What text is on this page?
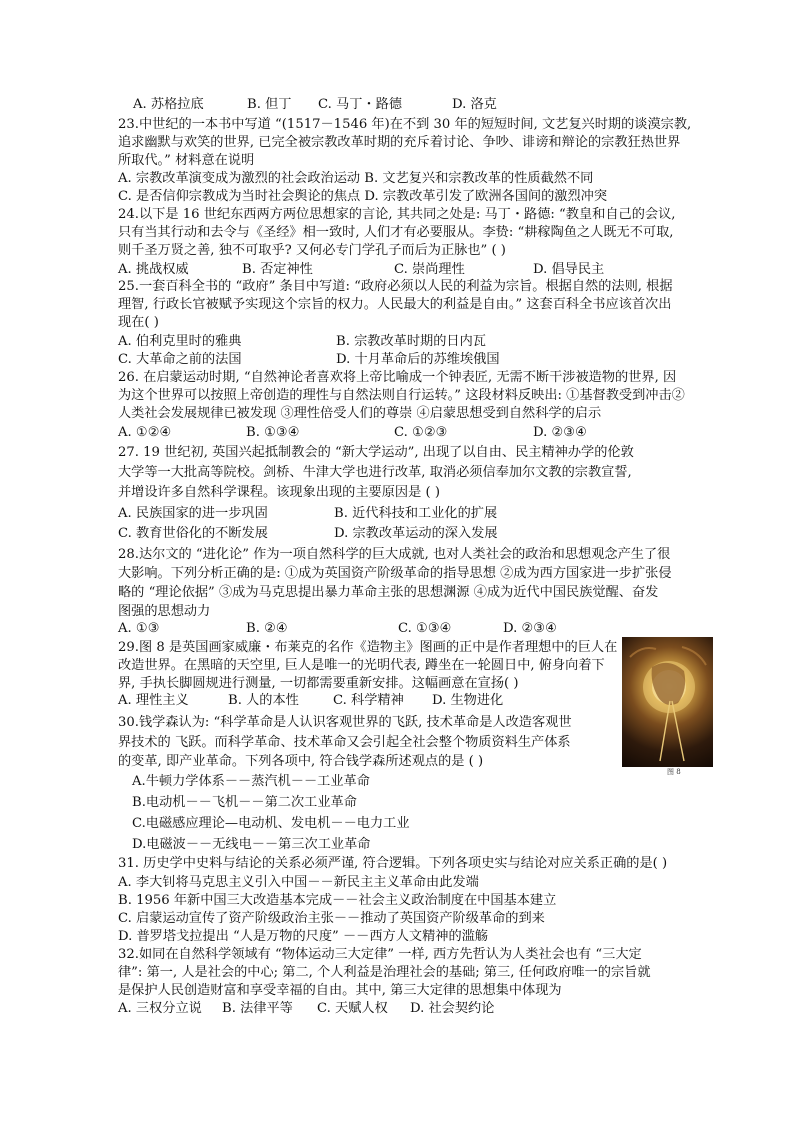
A. 苏格拉底	B. 但丁 C. 马丁・路德	D. 洛克
23.中世纪的一本书中写道 “(1517－1546 年)在不到 30 年的短短时间, 文艺复兴时期的谈漠宗教,
追求幽默与欢笑的世界, 已完全被宗教改革时期的充斥着讨论、争吵、诽谤和辩论的宗教狂热世界
所取代。” 材料意在说明
A. 宗教改革演变成为激烈的社会政治运动 B. 文艺复兴和宗教改革的性质截然不同
C. 是否信仰宗教成为当时社会舆论的焦点 D. 宗教改革引发了欧洲各国间的激烈冲突
24.以下是 16 世纪东西两方两位思想家的言论, 其共同之处是: 马丁・路德: “教皇和自己的会议,
只有当其行动和去令与《圣经》相一致时, 人们才有必要服从。李贽: “耕稼陶鱼之人既无不可取,
则千圣万贤之善, 独不可取乎? 又何必专门学孔子而后为正脉也” ( )
A. 挑战权威	B. 否定神性	C. 崇尚理性	D. 倡导民主
25.一套百科全书的 “政府” 条目中写道: “政府必须以人民的利益为宗旨。根据自然的法则, 根据
理智, 行政长官被赋予实现这个宗旨的权力。人民最大的利益是自由。” 这套百科全书应该首次出
现在( )
A. 伯利克里时的雅典	B. 宗教改革时期的日内瓦
C. 大革命之前的法国	D. 十月革命后的苏维埃俄国
26. 在启蒙运动时期, “自然神论者喜欢将上帝比喻成一个钟表匠, 无需不断干涉被造物的世界, 因
为这个世界可以按照上帝创造的理性与自然法则自行运转。” 这段材料反映出: ①基督教受到冲击②
人类社会发展规律已被发现 ③理性倍受人们的尊崇 ④启蒙思想受到自然科学的启示
A. ①②④	B. ①③④	C. ①②③	D. ②③④
27. 19 世纪初, 英国兴起抵制教会的 “新大学运动”, 出现了以自由、民主精神办学的伦敦
大学等一大批高等院校。剑桥、牛津大学也进行改革, 取消必须信奉加尔文教的宗教宣誓,
并增设许多自然科学课程。该现象出现的主要原因是 ( )
A. 民族国家的进一步巩固	B. 近代科技和工业化的扩展
C. 教育世俗化的不断发展	D. 宗教改革运动的深入发展
28.达尔文的 “进化论” 作为一项自然科学的巨大成就, 也对人类社会的政治和思想观念产生了很
大影响。下列分析正确的是: ①成为英国资产阶级革命的指导思想 ②成为西方国家进一步扩张侵
略的 “理论依据” ③成为马克思提出暴力革命主张的思想渊源 ④成为近代中国民族觉醒、奋发
图强的思想动力
A. ①③	B. ②④	C. ①③④	D. ②③④
29.图 8 是英国画家威廉・布莱克的名作《造物主》图画的正中是作者理想中的巨人在
改造世界。在黑暗的天空里, 巨人是唯一的光明代表, 蹲坐在一轮圆日中, 俯身向着下
界, 手执长脚圆规进行测量, 一切都需要重新安排。这幅画意在宣扬( )
A. 理性主义	B. 人的本性	C. 科学精神 D. 生物进化
图 8
30.钱学森认为: “科学革命是人认识客观世界的飞跃, 技术革命是人改造客观世
界技术的 飞跃。而科学革命、技术革命又会引起全社会整个物质资料生产体系
的变革, 即产业革命。下列各项中, 符合钱学森所述观点的是 ( )
A.牛顿力学体系－－蒸汽机－－工业革命
B.电动机－－飞机－－第二次工业革命
C.电磁感应理论—电动机、发电机－－电力工业
D.电磁波－－无线电－－第三次工业革命
31. 历史学中史料与结论的关系必须严谨, 符合逻辑。下列各项史实与结论对应关系正确的是( )
A. 李大钊将马克思主义引入中国－－新民主主义革命由此发端
B. 1956 年新中国三大改造基本完成－－社会主义政治制度在中国基本建立
C. 启蒙运动宣传了资产阶级政治主张－－推动了英国资产阶级革命的到来
D. 普罗塔戈拉提出 “人是万物的尺度” －－西方人文精神的滥觞
32.如同在自然科学领域有 “物体运动三大定律” 一样, 西方先哲认为人类社会也有 “三大定
律”: 第一, 人是社会的中心; 第二, 个人利益是治理社会的基础; 第三, 任何政府唯一的宗旨就
是保护人民创造财富和享受幸福的自由。其中, 第三大定律的思想集中体现为
A. 三权分立说 B. 法律平等 C. 天赋人权 D. 社会契约论
